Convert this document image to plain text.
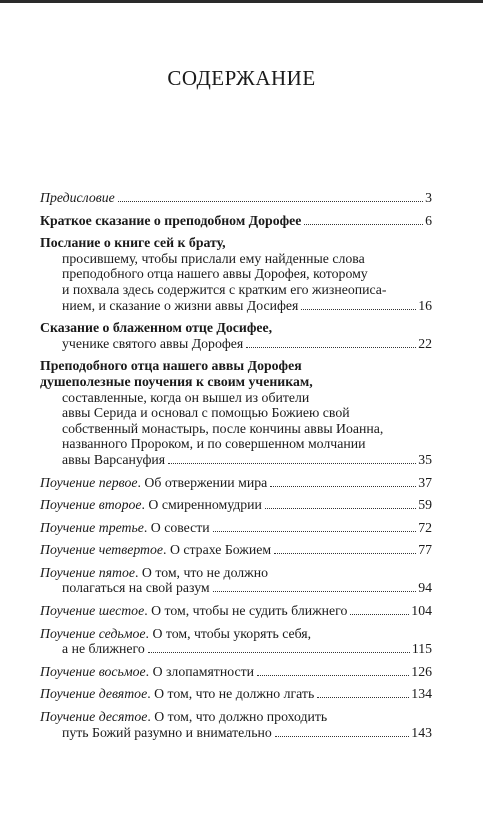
СОДЕРЖАНИЕ
Предисловие	3
Краткое сказание о преподобном Дорофее	6
Послание о книге сей к брату,
просившему, чтобы прислали ему найденные слова
преподобного отца нашего аввы Дорофея, которому
и похвала здесь содержится с кратким его жизнеописа-
нием, и сказание о жизни аввы Досифея	16
Сказание о блаженном отце Досифее,
ученике святого аввы Дорофея	22
Преподобного отца нашего аввы Дорофея
душеполезные поучения к своим ученикам,
составленные, когда он вышел из обители
аввы Серида и основал с помощью Божиею свой
собственный монастырь, после кончины аввы Иоанна,
названного Пророком, и по совершенном молчании
аввы Варсануфия	35
Поучение первое. Об отвержении мира	37
Поучение второе. О смиренномудрии	59
Поучение третье. О совести	72
Поучение четвертое. О страхе Божием	77
Поучение пятое. О том, что не должно
полагаться на свой разум	94
Поучение шестое. О том, чтобы не судить ближнего	104
Поучение седьмое. О том, чтобы укорять себя,
а не ближнего	115
Поучение восьмое. О злопамятности	126
Поучение девятое. О том, что не должно лгать	134
Поучение десятое. О том, что должно проходить
путь Божий разумно и внимательно	143
